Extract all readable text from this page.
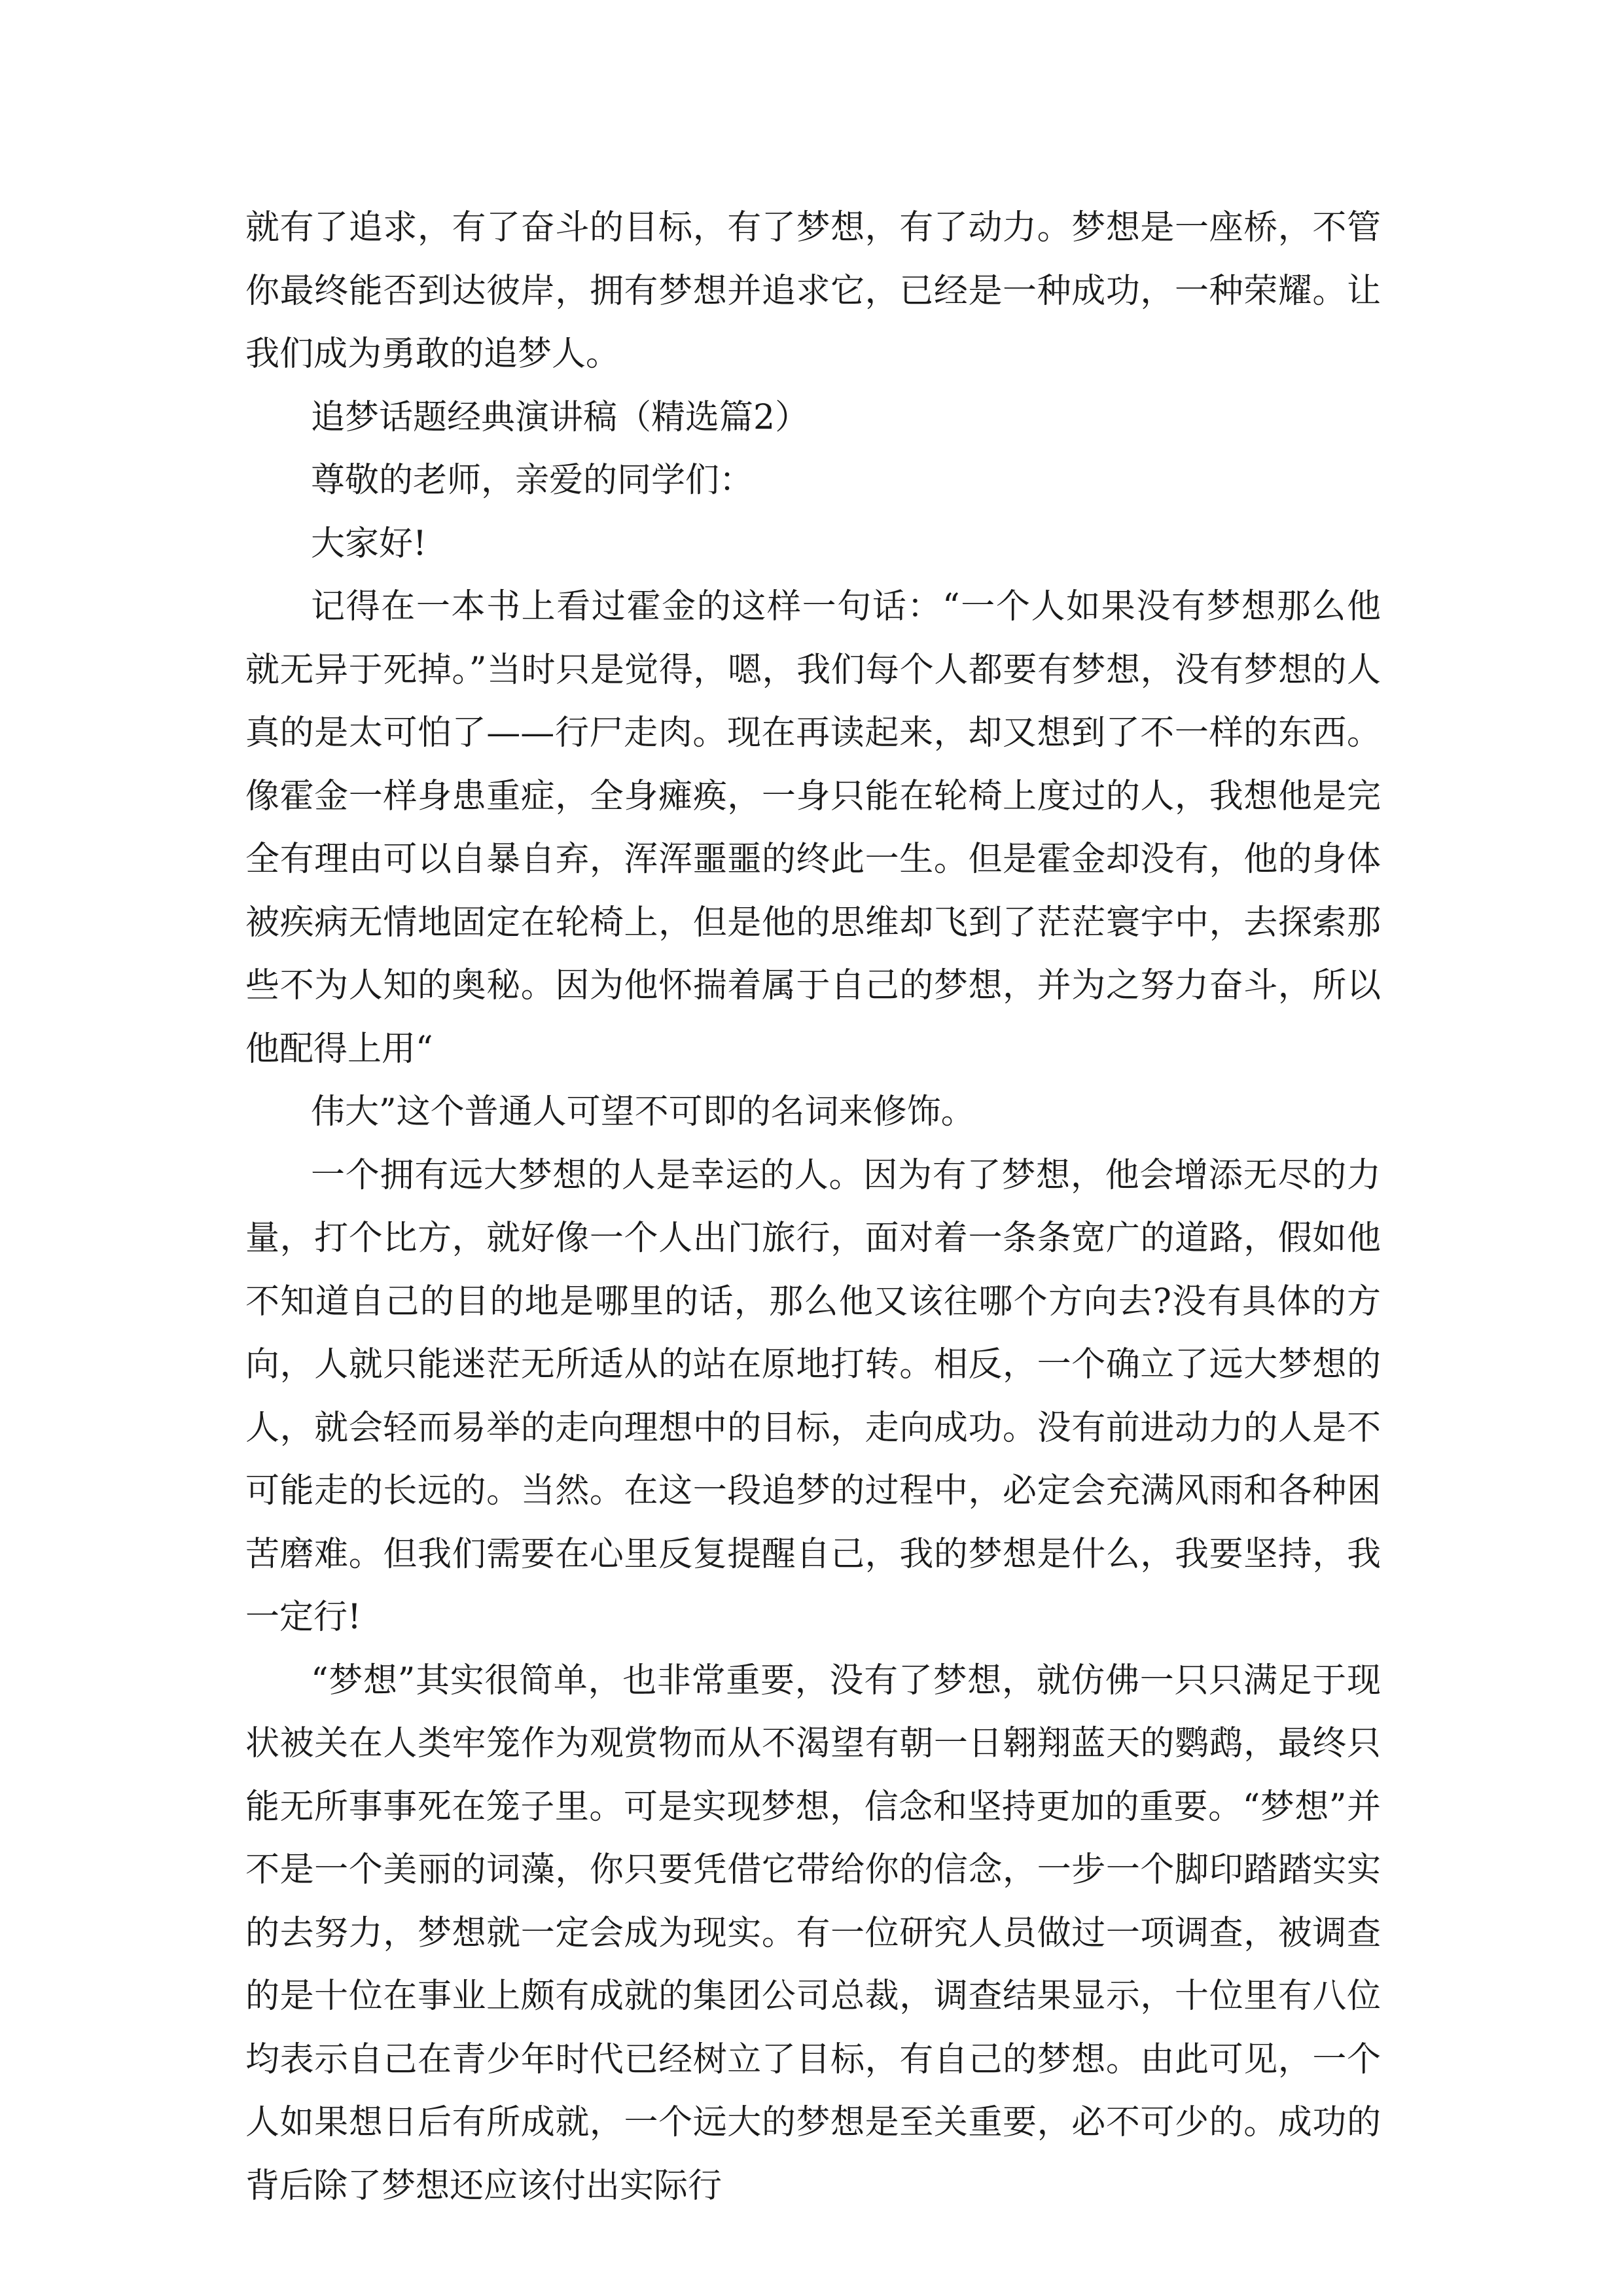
就有了追求，有了奋斗的目标，有了梦想，有了动力。梦想是一座桥，不管你最终能否到达彼岸，拥有梦想并追求它，已经是一种成功，一种荣耀。让我们成为勇敢的追梦人。

追梦话题经典演讲稿（精选篇2）

尊敬的老师，亲爱的同学们：

大家好!

记得在一本书上看过霍金的这样一句话：“一个人如果没有梦想那么他就无异于死掉。”当时只是觉得，嗯，我们每个人都要有梦想，没有梦想的人真的是太可怕了——行尸走肉。现在再读起来，却又想到了不一样的东西。像霍金一样身患重症，全身瘫痪，一身只能在轮椅上度过的人，我想他是完全有理由可以自暴自弃，浑浑噩噩的终此一生。但是霍金却没有，他的身体被疾病无情地固定在轮椅上，但是他的思维却飞到了茫茫寰宇中，去探索那些不为人知的奥秘。因为他怀揣着属于自己的梦想，并为之努力奋斗，所以他配得上用“

伟大”这个普通人可望不可即的名词来修饰。

一个拥有远大梦想的人是幸运的人。因为有了梦想，他会增添无尽的力量，打个比方，就好像一个人出门旅行，面对着一条条宽广的道路，假如他不知道自己的目的地是哪里的话，那么他又该往哪个方向去?没有具体的方向，人就只能迷茫无所适从的站在原地打转。相反，一个确立了远大梦想的人，就会轻而易举的走向理想中的目标，走向成功。没有前进动力的人是不可能走的长远的。当然。在这一段追梦的过程中，必定会充满风雨和各种困苦磨难。但我们需要在心里反复提醒自己，我的梦想是什么，我要坚持，我一定行!

“梦想”其实很简单，也非常重要，没有了梦想，就仿佛一只只满足于现状被关在人类牢笼作为观赏物而从不渴望有朝一日翱翔蓝天的鹦鹉，最终只能无所事事死在笼子里。可是实现梦想，信念和坚持更加的重要。“梦想”并不是一个美丽的词藻，你只要凭借它带给你的信念，一步一个脚印踏踏实实的去努力，梦想就一定会成为现实。有一位研究人员做过一项调查，被调查的是十位在事业上颇有成就的集团公司总裁，调查结果显示，十位里有八位均表示自己在青少年时代已经树立了目标，有自己的梦想。由此可见，一个人如果想日后有所成就，一个远大的梦想是至关重要，必不可少的。成功的背后除了梦想还应该付出实际行
